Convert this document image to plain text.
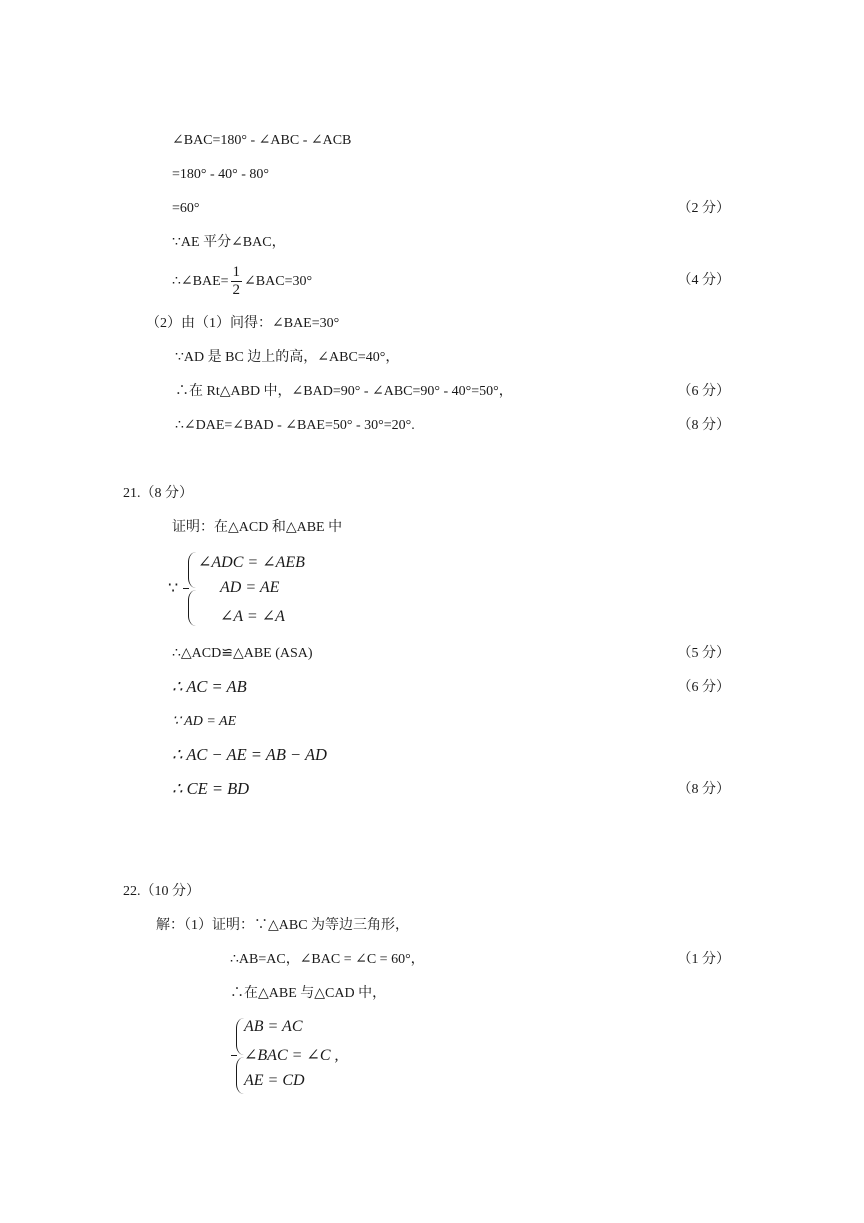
∠BAC=180° - ∠ABC - ∠ACB
=180° - 40° - 80°
=60°	（2 分）
∵AE 平分∠BAC，
∴∠BAE= $\frac{1}{2}$ ∠BAC=30°	（4 分）
（2）由（1）问得：∠BAE=30°
∵AD 是 BC 边上的高，∠ABC=40°，
∴在 Rt△ABD 中，∠BAD=90° - ∠ABC=90° - 40°=50°，	（6 分）
∴∠DAE=∠BAD - ∠BAE=50° - 30°=20°.	（8 分）
21.（8 分）
证明：在△ACD 和△ABE 中
∵
∠ADC = ∠AEB
AD = AE
∠A = ∠A
∴△ACD≌△ABE (ASA)	（5 分）
∴ AC = AB	（6 分）
∵ AD = AE
∴ AC − AE = AB − AD
∴ CE = BD	（8 分）
22.（10 分）
解：（1）证明：∵△ABC 为等边三角形，
∴AB=AC，∠BAC = ∠C = 60°，	（1 分）
∴在△ABE 与△CAD 中，
AB = AC
∠BAC = ∠C ,
AE = CD
